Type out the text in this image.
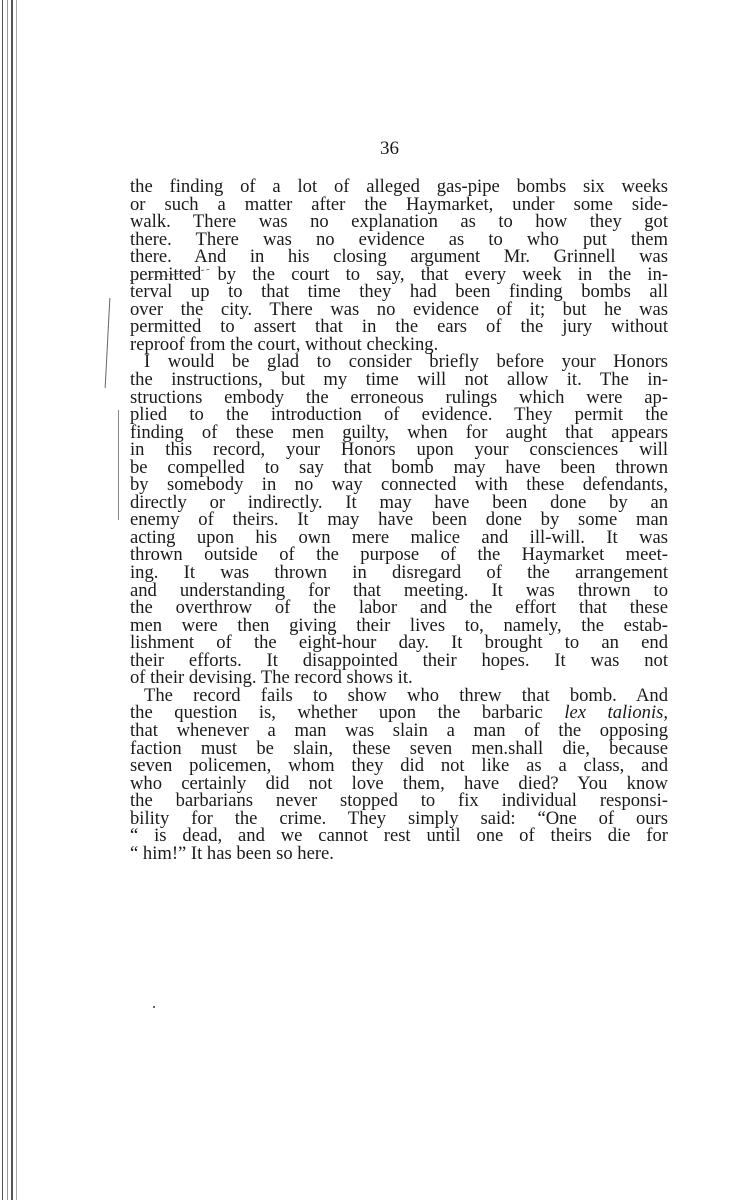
36
the finding of a lot of alleged gas-pipe bombs six weeks
or such a matter after the Haymarket, under some side-
walk. There was no explanation as to how they got
there. There was no evidence as to who put them
there. And in his closing argument Mr. Grinnell was
permitted by the court to say, that every week in the in-
terval up to that time they had been finding bombs all
over the city. There was no evidence of it; but he was
permitted to assert that in the ears of the jury without
reproof from the court, without checking.
I would be glad to consider briefly before your Honors
the instructions, but my time will not allow it. The in-
structions embody the erroneous rulings which were ap-
plied to the introduction of evidence. They permit the
finding of these men guilty, when for aught that appears
in this record, your Honors upon your consciences will
be compelled to say that bomb may have been thrown
by somebody in no way connected with these defendants,
directly or indirectly. It may have been done by an
enemy of theirs. It may have been done by some man
acting upon his own mere malice and ill-will. It was
thrown outside of the purpose of the Haymarket meet-
ing. It was thrown in disregard of the arrangement
and understanding for that meeting. It was thrown to
the overthrow of the labor and the effort that these
men were then giving their lives to, namely, the estab-
lishment of the eight-hour day. It brought to an end
their efforts. It disappointed their hopes. It was not
of their devising. The record shows it.
The record fails to show who threw that bomb. And
the question is, whether upon the barbaric lex talionis,
that whenever a man was slain a man of the opposing
faction must be slain, these seven men.shall die, because
seven policemen, whom they did not like as a class, and
who certainly did not love them, have died? You know
the barbarians never stopped to fix individual responsi-
bility for the crime. They simply said: “One of ours
“ is dead, and we cannot rest until one of theirs die for
“ him!” It has been so here.
